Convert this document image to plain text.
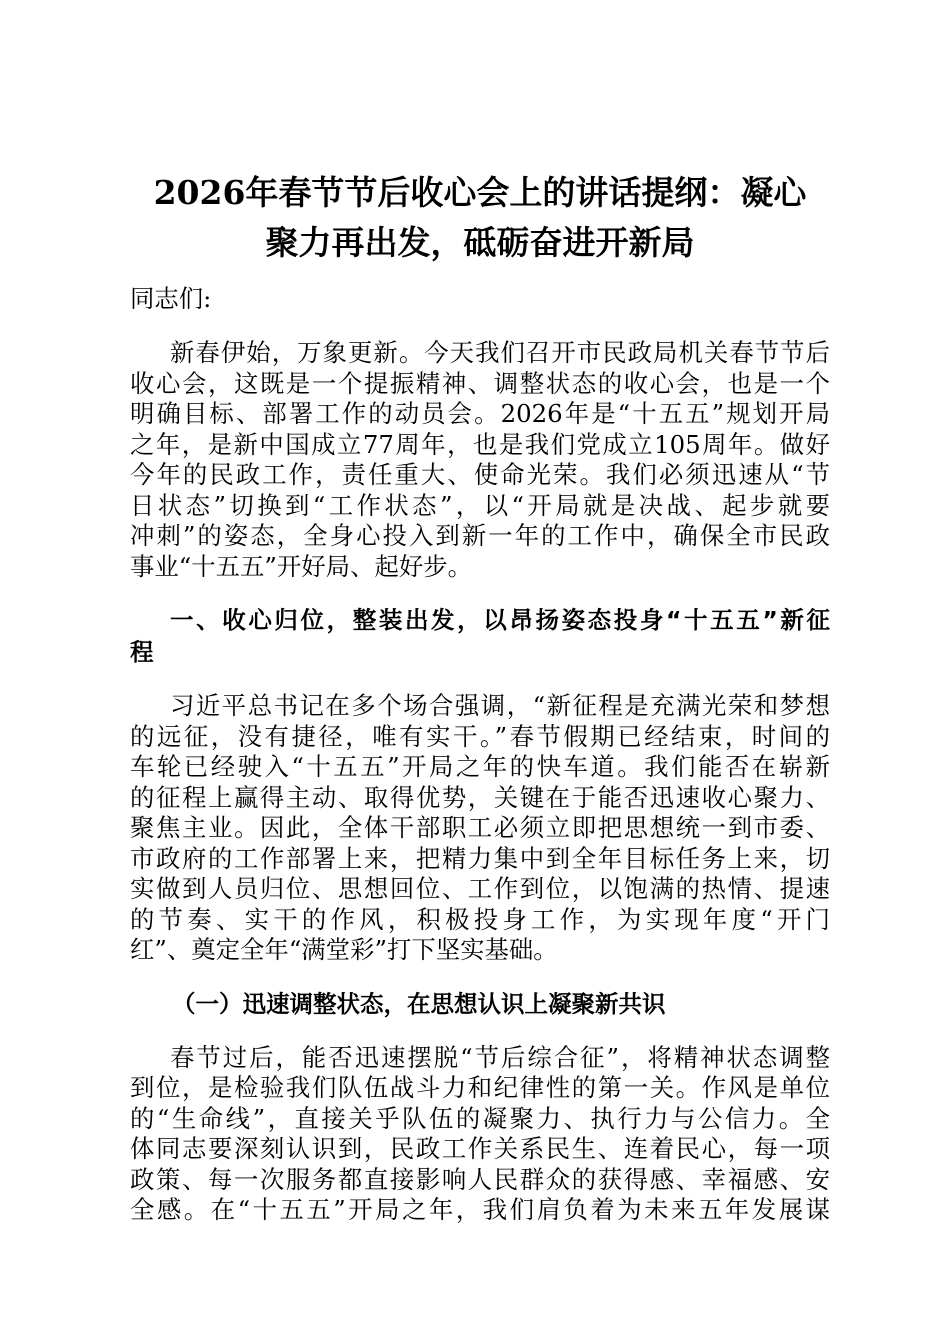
2026年春节节后收心会上的讲话提纲：凝心
聚力再出发，砥砺奋进开新局

同志们:

新春伊始，万象更新。今天我们召开市民政局机关春节节后
收心会，这既是一个提振精神、调整状态的收心会，也是一个
明确目标、部署工作的动员会。2026年是“十五五”规划开局
之年，是新中国成立77周年，也是我们党成立105周年。做好
今年的民政工作，责任重大、使命光荣。我们必须迅速从“节
日状态”切换到“工作状态”，以“开局就是决战、起步就要
冲刺”的姿态，全身心投入到新一年的工作中，确保全市民政
事业“十五五”开好局、起好步。

一、收心归位，整装出发，以昂扬姿态投身“十五五”新征
程

习近平总书记在多个场合强调，“新征程是充满光荣和梦想
的远征，没有捷径，唯有实干。”春节假期已经结束，时间的
车轮已经驶入“十五五”开局之年的快车道。我们能否在崭新
的征程上赢得主动、取得优势，关键在于能否迅速收心聚力、
聚焦主业。因此，全体干部职工必须立即把思想统一到市委、
市政府的工作部署上来，把精力集中到全年目标任务上来，切
实做到人员归位、思想回位、工作到位，以饱满的热情、提速
的节奏、实干的作风，积极投身工作，为实现年度“开门
红”、奠定全年“满堂彩”打下坚实基础。

（一）迅速调整状态，在思想认识上凝聚新共识

春节过后，能否迅速摆脱“节后综合征”，将精神状态调整
到位，是检验我们队伍战斗力和纪律性的第一关。作风是单位
的“生命线”，直接关乎队伍的凝聚力、执行力与公信力。全
体同志要深刻认识到，民政工作关系民生、连着民心，每一项
政策、每一次服务都直接影响人民群众的获得感、幸福感、安
全感。在“十五五”开局之年，我们肩负着为未来五年发展谋
